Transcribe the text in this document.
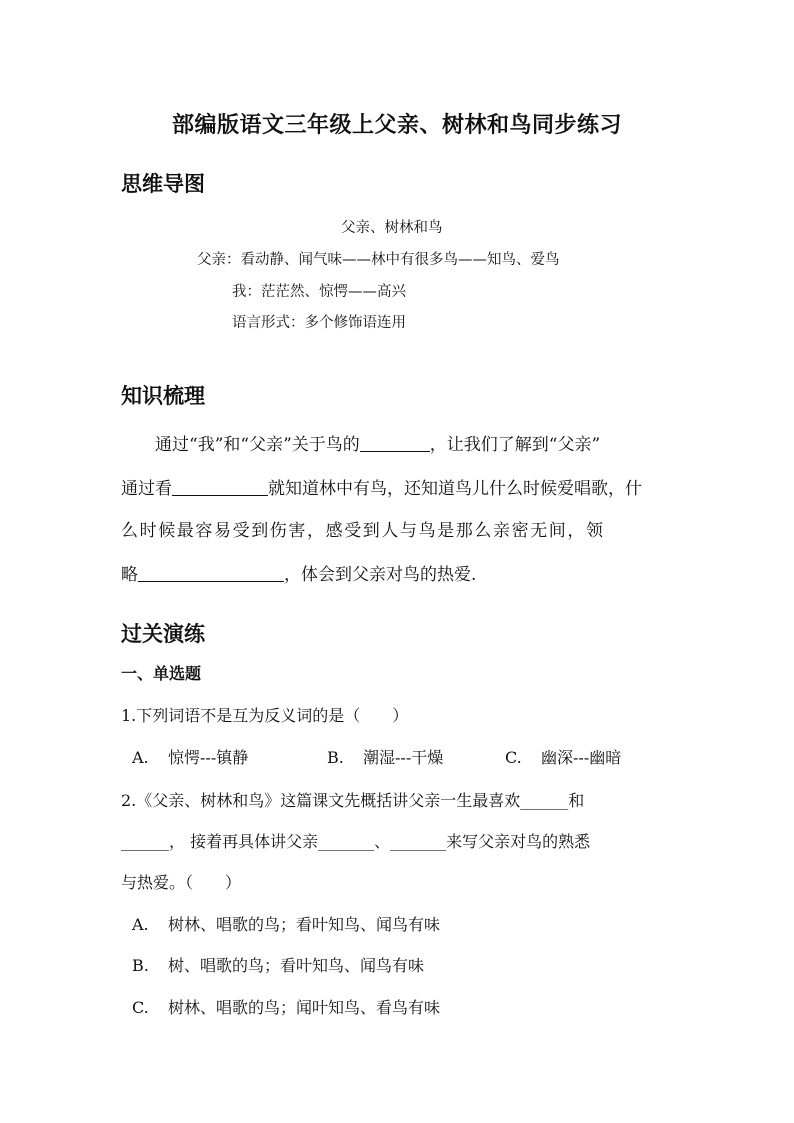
部编版语文三年级上父亲、树林和鸟同步练习
思维导图
父亲、树林和鸟
父亲：看动静、闻气味——林中有很多鸟——知鸟、爱鸟
我：茫茫然、惊愕——高兴
语言形式：多个修饰语连用
知识梳理
通过“我”和“父亲”关于鸟的	，让我们了解到“父亲”
通过看	就知道林中有鸟，还知道鸟儿什么时候爱唱歌，什
么时候最容易受到伤害，感受到人与鸟是那么亲密无间，领
略	，体会到父亲对鸟的热爱.
过关演练
一、单选题
1.下列词语不是互为反义词的是（　　）
A. 惊愕---镇静	B. 潮湿---干燥	C. 幽深---幽暗
2.《父亲、树林和鸟》这篇课文先概括讲父亲一生最喜欢______和
______， 接着再具体讲父亲_______、_______来写父亲对鸟的熟悉
与热爱。（　　）
A. 树林、唱歌的鸟；看叶知鸟、闻鸟有味
B. 树、唱歌的鸟；看叶知鸟、闻鸟有味
C. 树林、唱歌的鸟；闻叶知鸟、看鸟有味
